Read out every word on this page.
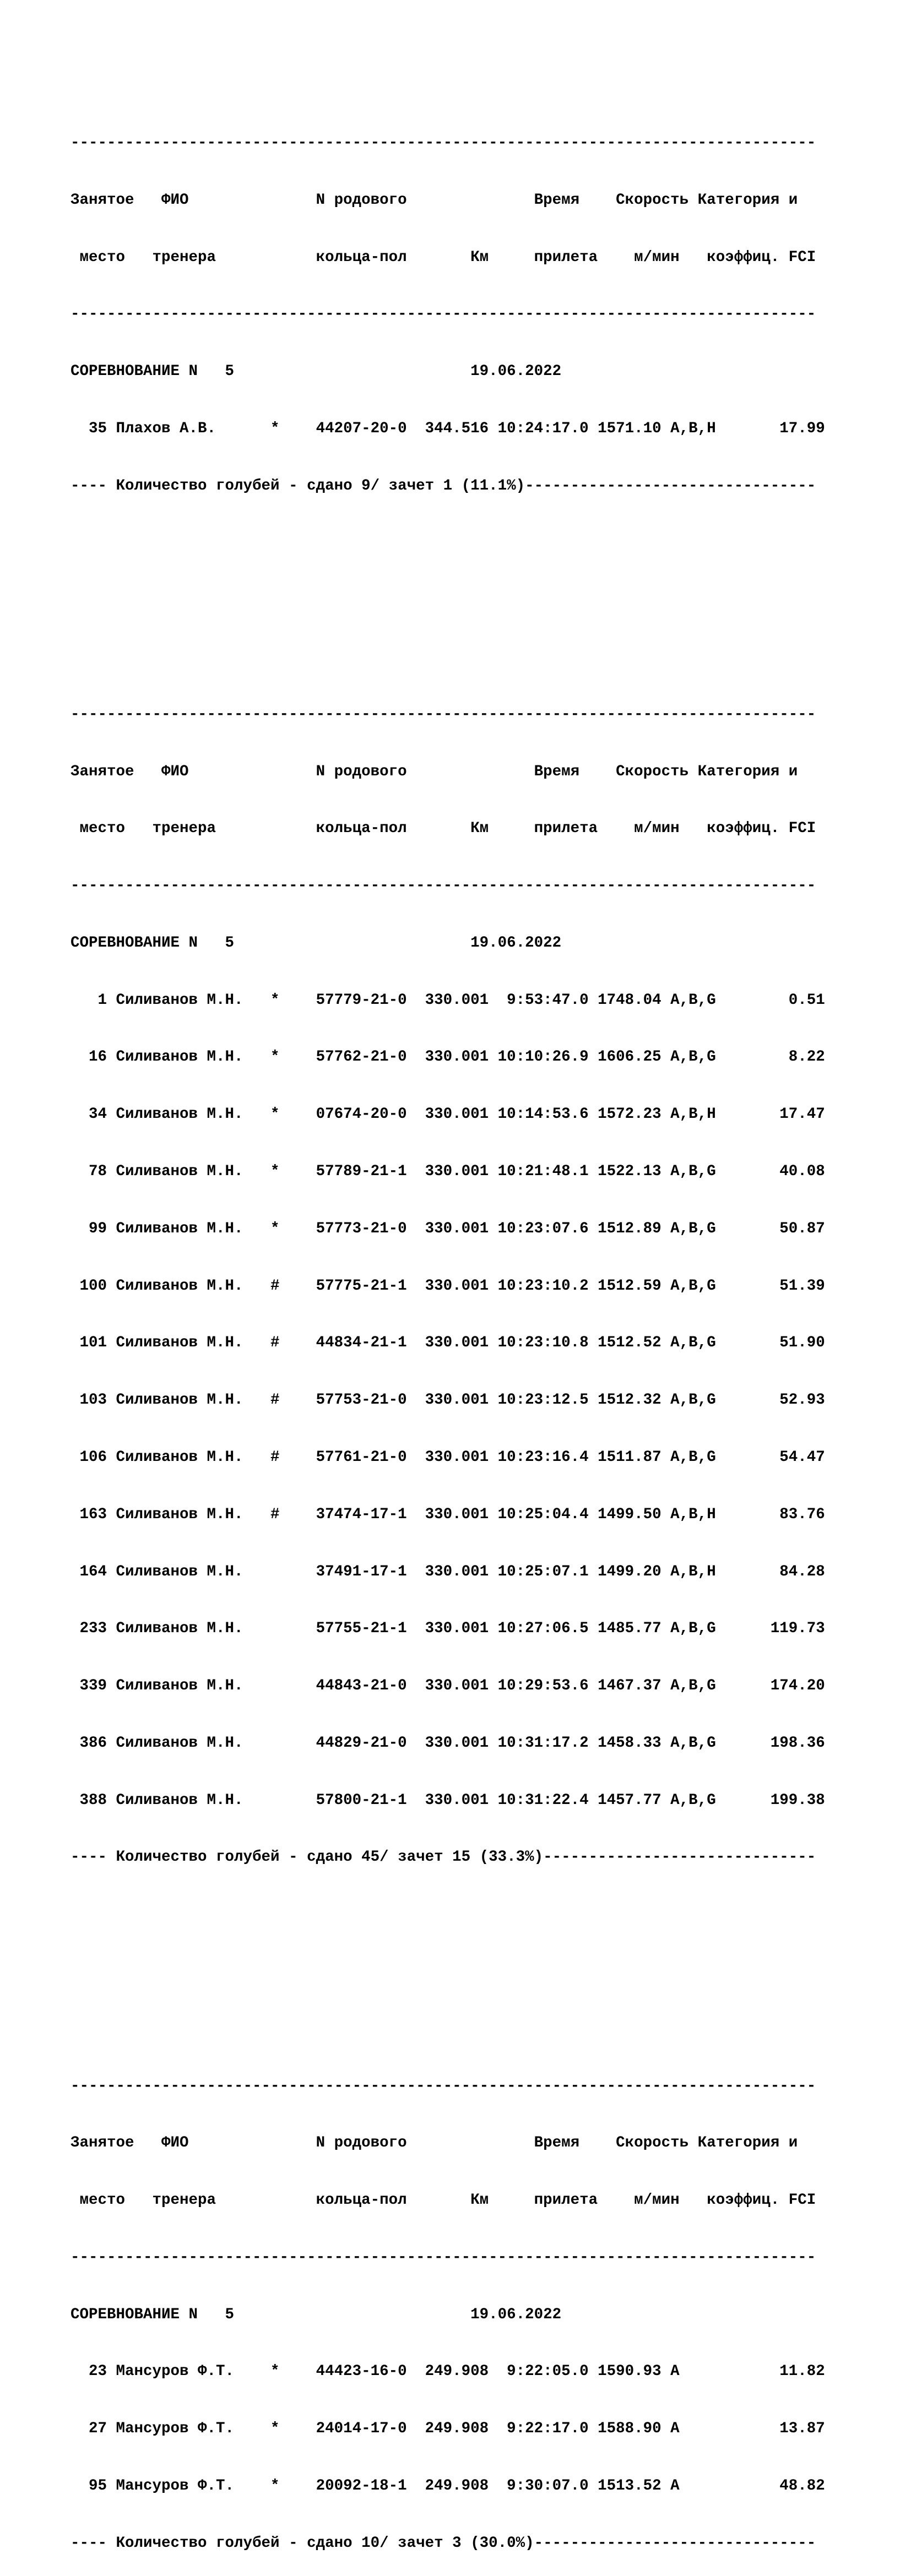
----------------------------------------------------------------------------------

Занятое   ФИО              N родового              Время    Скорость Категория и

место   тренера           кольца-пол       Км     прилета    м/мин   коэффиц. FCI

----------------------------------------------------------------------------------

СОРЕВНОВАНИЕ N   5                          19.06.2022

35 Плахов А.В.      *    44207-20-0  344.516 10:24:17.0 1571.10 A,B,H       17.99

---- Количество голубей - сдано 9/ зачет 1 (11.1%)--------------------------------

----------------------------------------------------------------------------------

Занятое   ФИО              N родового              Время    Скорость Категория и

место   тренера           кольца-пол       Км     прилета    м/мин   коэффиц. FCI

----------------------------------------------------------------------------------

СОРЕВНОВАНИЕ N   5                          19.06.2022

1 Силиванов М.Н.   *    57779-21-0  330.001  9:53:47.0 1748.04 A,B,G        0.51

16 Силиванов М.Н.   *    57762-21-0  330.001 10:10:26.9 1606.25 A,B,G        8.22

34 Силиванов М.Н.   *    07674-20-0  330.001 10:14:53.6 1572.23 A,B,H       17.47

78 Силиванов М.Н.   *    57789-21-1  330.001 10:21:48.1 1522.13 A,B,G       40.08

99 Силиванов М.Н.   *    57773-21-0  330.001 10:23:07.6 1512.89 A,B,G       50.87

100 Силиванов М.Н.   #    57775-21-1  330.001 10:23:10.2 1512.59 A,B,G       51.39

101 Силиванов М.Н.   #    44834-21-1  330.001 10:23:10.8 1512.52 A,B,G       51.90

103 Силиванов М.Н.   #    57753-21-0  330.001 10:23:12.5 1512.32 A,B,G       52.93

106 Силиванов М.Н.   #    57761-21-0  330.001 10:23:16.4 1511.87 A,B,G       54.47

163 Силиванов М.Н.   #    37474-17-1  330.001 10:25:04.4 1499.50 A,B,H       83.76

164 Силиванов М.Н.        37491-17-1  330.001 10:25:07.1 1499.20 A,B,H       84.28

233 Силиванов М.Н.        57755-21-1  330.001 10:27:06.5 1485.77 A,B,G      119.73

339 Силиванов М.Н.        44843-21-0  330.001 10:29:53.6 1467.37 A,B,G      174.20

386 Силиванов М.Н.        44829-21-0  330.001 10:31:17.2 1458.33 A,B,G      198.36

388 Силиванов М.Н.        57800-21-1  330.001 10:31:22.4 1457.77 A,B,G      199.38

---- Количество голубей - сдано 45/ зачет 15 (33.3%)------------------------------

----------------------------------------------------------------------------------

Занятое   ФИО              N родового              Время    Скорость Категория и

место   тренера           кольца-пол       Км     прилета    м/мин   коэффиц. FCI

----------------------------------------------------------------------------------

СОРЕВНОВАНИЕ N   5                          19.06.2022

23 Мансуров Ф.Т.    *    44423-16-0  249.908  9:22:05.0 1590.93 A           11.82

27 Мансуров Ф.Т.    *    24014-17-0  249.908  9:22:17.0 1588.90 A           13.87

95 Мансуров Ф.Т.    *    20092-18-1  249.908  9:30:07.0 1513.52 A           48.82

---- Количество голубей - сдано 10/ зачет 3 (30.0%)-------------------------------
